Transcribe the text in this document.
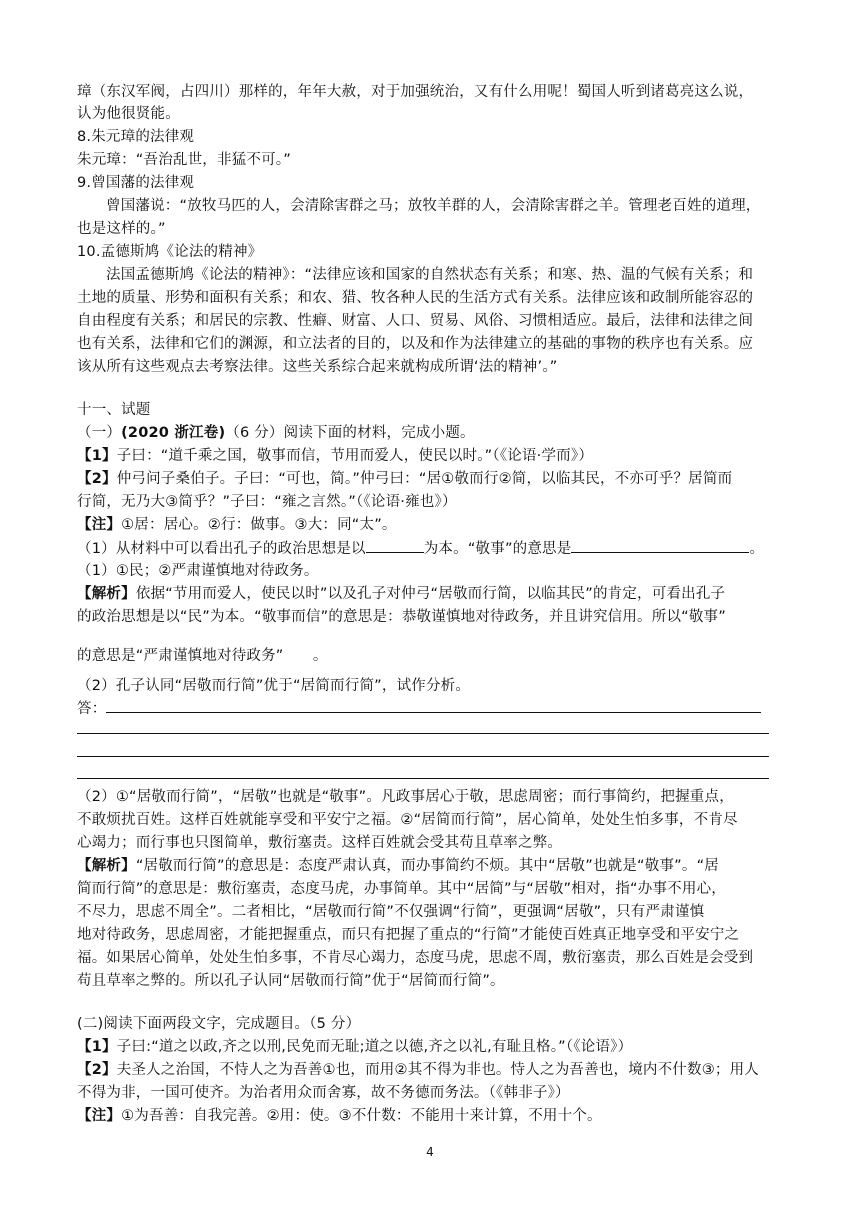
璋（东汉军阀，占四川）那样的，年年大赦，对于加强统治，又有什么用呢！蜀国人听到诸葛亮这么说，
认为他很贤能。
8.朱元璋的法律观
朱元璋：“吾治乱世，非猛不可。”
9.曾国藩的法律观
曾国藩说：“放牧马匹的人，会清除害群之马；放牧羊群的人，会清除害群之羊。管理老百姓的道理，
也是这样的。”
10.孟德斯鸠《论法的精神》
法国孟德斯鸠《论法的精神》：“法律应该和国家的自然状态有关系；和寒、热、温的气候有关系；和
土地的质量、形势和面积有关系；和农、猎、牧各种人民的生活方式有关系。法律应该和政制所能容忍的
自由程度有关系；和居民的宗教、性癖、财富、人口、贸易、风俗、习惯相适应。最后，法律和法律之间
也有关系，法律和它们的渊源，和立法者的目的，以及和作为法律建立的基础的事物的秩序也有关系。应
该从所有这些观点去考察法律。这些关系综合起来就构成所谓‘法的精神’。”
十一、试题
（一）(2020 浙江卷)（6 分）阅读下面的材料，完成小题。
【1】子曰：“道千乘之国，敬事而信，节用而爱人，使民以时。”（《论语·学而》）
【2】仲弓问子桑伯子。子曰：“可也，简。”仲弓曰：“居①敬而行②简，以临其民，不亦可乎？居简而
行简，无乃大③简乎？”子曰：“雍之言然。”（《论语·雍也》）
【注】①居：居心。②行：做事。③大：同“太”。
（1）从材料中可以看出孔子的政治思想是以	为本。“敬事”的意思是	。
（1）①民；②严肃谨慎地对待政务。
【解析】依据“节用而爱人，使民以时”以及孔子对仲弓“居敬而行简，以临其民”的肯定，可看出孔子
的政治思想是以“民”为本。“敬事而信”的意思是：恭敬谨慎地对待政务，并且讲究信用。所以“敬事”
的意思是“严肃谨慎地对待政务”　　。
（2）孔子认同“居敬而行简”优于“居简而行简”，试作分析。
答：
（2）①“居敬而行简”，“居敬”也就是“敬事”。凡政事居心于敬，思虑周密；而行事简约，把握重点，
不敢烦扰百姓。这样百姓就能享受和平安宁之福。②“居简而行简”，居心简单，处处生怕多事，不肯尽
心竭力；而行事也只图简单，敷衍塞责。这样百姓就会受其苟且草率之弊。
【解析】“居敬而行简”的意思是：态度严肃认真，而办事简约不烦。其中“居敬”也就是“敬事”。“居
简而行简”的意思是：敷衍塞责，态度马虎，办事简单。其中“居简”与“居敬”相对，指“办事不用心，
不尽力，思虑不周全”。二者相比，“居敬而行简”不仅强调“行简”，更强调“居敬”，只有严肃谨慎
地对待政务，思虑周密，才能把握重点，而只有把握了重点的“行简”才能使百姓真正地享受和平安宁之
福。如果居心简单，处处生怕多事，不肯尽心竭力，态度马虎，思虑不周，敷衍塞责，那么百姓是会受到
苟且草率之弊的。所以孔子认同“居敬而行简”优于“居简而行简”。
(二)阅读下面两段文字，完成题目。（5 分）
【1】子曰:“道之以政,齐之以刑,民免而无耻;道之以德,齐之以礼,有耻且格。”（《论语》）
【2】夫圣人之治国，不恃人之为吾善①也，而用②其不得为非也。恃人之为吾善也，境内不什数③；用人
不得为非，一国可使齐。为治者用众而舍寡，故不务德而务法。（《韩非子》）
【注】①为吾善：自我完善。②用：使。③不什数：不能用十来计算，不用十个。
4
